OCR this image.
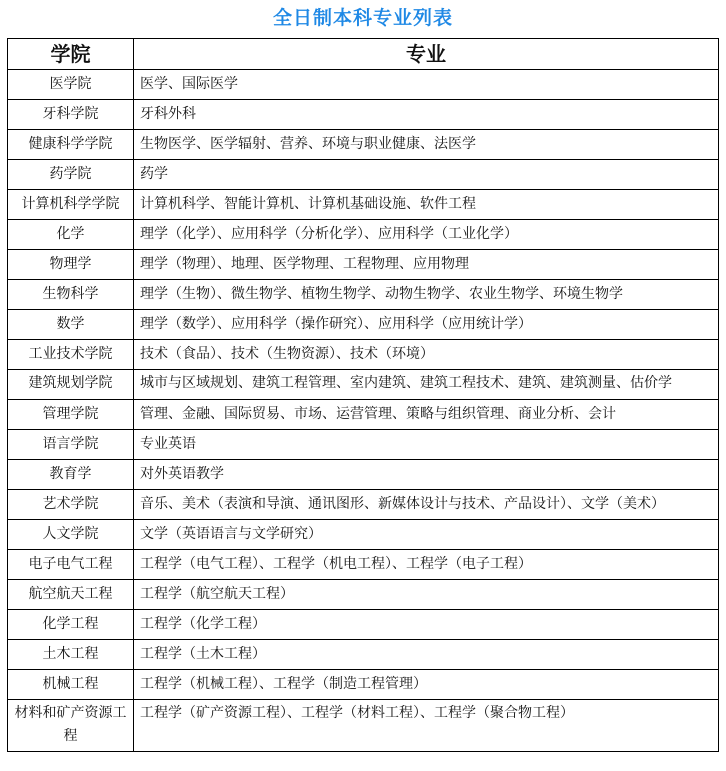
全日制本科专业列表
学院	专业
医学院	医学、国际医学
牙科学院	牙科外科
健康科学学院	生物医学、医学辐射、营养、环境与职业健康、法医学
药学院	药学
计算机科学学院	计算机科学、智能计算机、计算机基础设施、软件工程
化学	理学（化学）、应用科学（分析化学）、应用科学（工业化学）
物理学	理学（物理）、地理、医学物理、工程物理、应用物理
生物科学	理学（生物）、微生物学、植物生物学、动物生物学、农业生物学、环境生物学
数学	理学（数学）、应用科学（操作研究）、应用科学（应用统计学）
工业技术学院	技术（食品）、技术（生物资源）、技术（环境）
建筑规划学院	城市与区域规划、建筑工程管理、室内建筑、建筑工程技术、建筑、建筑测量、估价学
管理学院	管理、金融、国际贸易、市场、运营管理、策略与组织管理、商业分析、会计
语言学院	专业英语
教育学	对外英语教学
艺术学院	音乐、美术（表演和导演、通讯图形、新媒体设计与技术、产品设计）、文学（美术）
人文学院	文学（英语语言与文学研究）
电子电气工程	工程学（电气工程）、工程学（机电工程）、工程学（电子工程）
航空航天工程	工程学（航空航天工程）
化学工程	工程学（化学工程）
土木工程	工程学（土木工程）
机械工程	工程学（机械工程）、工程学（制造工程管理）
材料和矿产资源工程	工程学（矿产资源工程）、工程学（材料工程）、工程学（聚合物工程）
